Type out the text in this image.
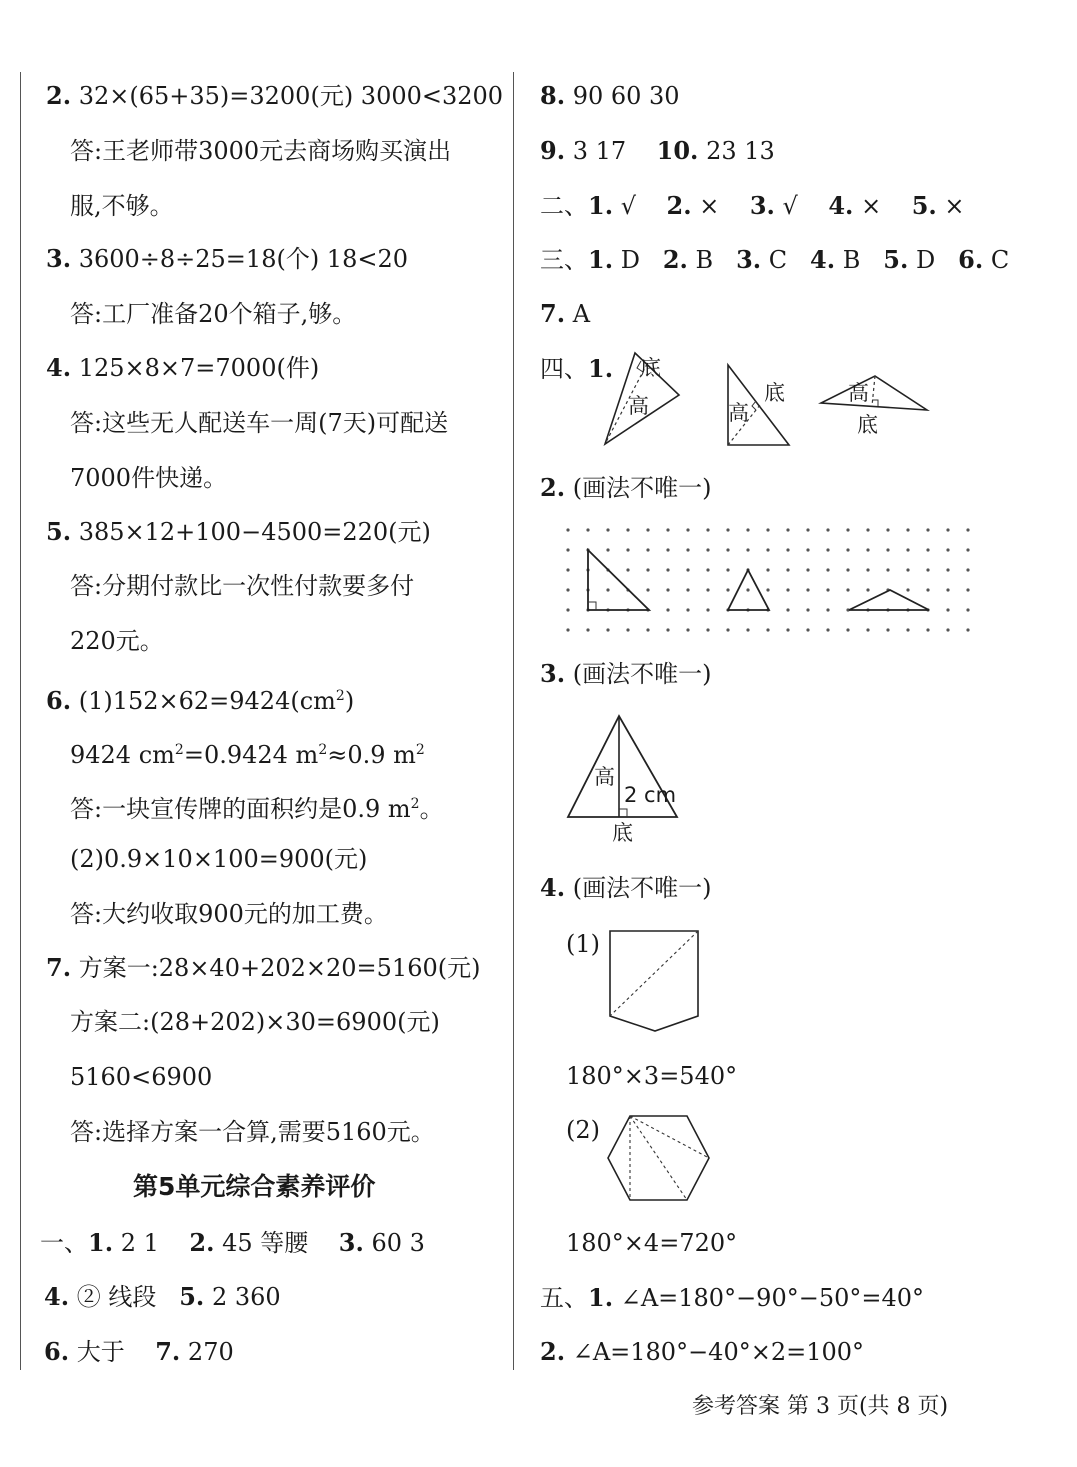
2. 32×(65+35)=3200(元) 3000<3200
答:王老师带3000元去商场购买演出
服,不够。
3. 3600÷8÷25=18(个) 18<20
答:工厂准备20个箱子,够。
4. 125×8×7=7000(件)
答:这些无人配送车一周(7天)可配送
7000件快递。
5. 385×12+100−4500=220(元)
答:分期付款比一次性付款要多付
220元。
6. $(1)152\times 62=9424(cm^2)$
9424 $cm^2=0.9424$ $m^2\approx 0.9$ $m^2$
答:一块宣传牌的面积约是0.9 $m^2$。
(2)0.9×10×100=900(元)
答:大约收取900元的加工费。
7. 方案一:28×40+202×20=5160(元)
方案二:(28+202)×30=6900(元)
5160<6900
答:选择方案一合算,需要5160元。
第5单元综合素养评价
一、1. 2 1 2. 45 等腰 3. 60 3
4. ② 线段 5. 2 360
6. 大于 7. 270
8. 90 60 30
9. 3 17 10. 23 13
二、1. √ 2. × 3. √ 4. × 5. ×
三、1. D 2. B 3. C 4. B 5. D 6. C
7. A
四、1. 底
高
底
高
高
底
2. (画法不唯一)
3. (画法不唯一)
高
2 cm
底
4. (画法不唯一)
(1)
180°×3=540°
(2)
180°×4=720°
五、1. ∠A=180°−90°−50°=40°
2. ∠A=180°−40°×2=100°
参考答案 第 3 页(共 8 页)
